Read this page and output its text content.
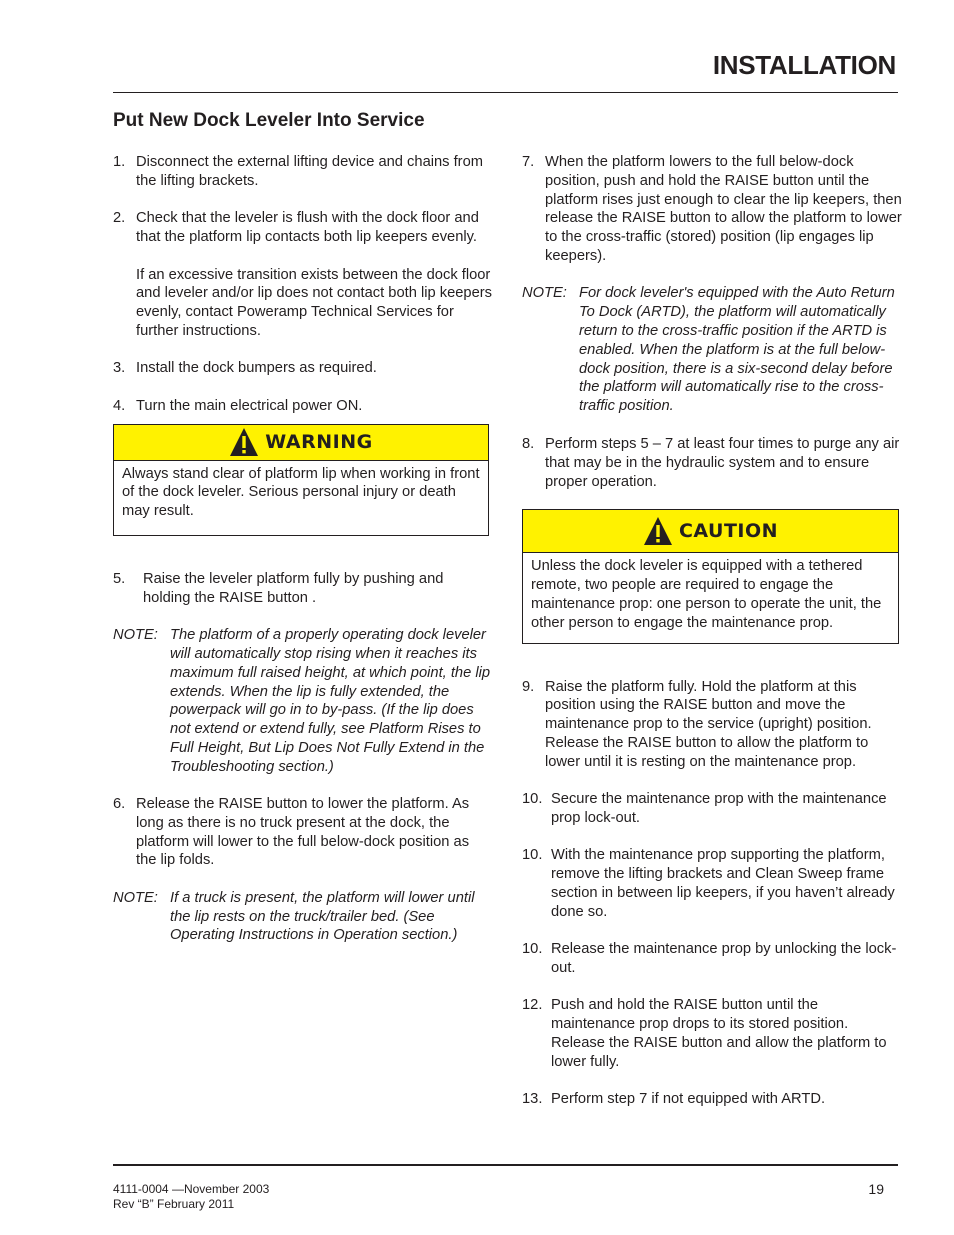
INSTALLATION
Put New Dock Leveler Into Service
1. Disconnect the external lifting device and chains from the lifting brackets.

2. Check that the leveler is flush with the dock floor and that the platform lip contacts both lip keepers evenly.

If an excessive transition exists between the dock floor and leveler and/or lip does not contact both lip keepers evenly, contact Poweramp Technical Services for further instructions.

3. Install the dock bumpers as required.

4. Turn the main electrical power ON.

WARNING
Always stand clear of platform lip when working in front of the dock leveler. Serious personal injury or death may result.
5. Raise the leveler platform fully by pushing and holding the RAISE button .

NOTE: The platform of a properly operating dock leveler will automatically stop rising when it reaches its maximum full raised height, at which point, the lip extends. When the lip is fully extended, the powerpack will go in to by-pass. (If the lip does not extend or extend fully, see Platform Rises to Full Height, But Lip Does Not Fully Extend in the Troubleshooting section.)

6. Release the RAISE button to lower the platform. As long as there is no truck present at the dock, the platform will lower to the full below-dock position as the lip folds.

NOTE: If a truck is present, the platform will lower until the lip rests on the truck/trailer bed. (See Operating Instructions in Operation section.)

7. When the platform lowers to the full below-dock position, push and hold the RAISE button until the platform rises just enough to clear the lip keepers, then release the RAISE button to allow the platform to lower to the cross-traffic (stored) position (lip engages lip keepers).

NOTE: For dock leveler's equipped with the Auto Return To Dock (ARTD), the platform will automatically return to the cross-traffic position if the ARTD is enabled. When the platform is at the full below-dock position, there is a six-second delay before the platform will automatically rise to the cross-traffic position.

8. Perform steps 5 – 7 at least four times to purge any air that may be in the hydraulic system and to ensure proper operation.

CAUTION
Unless the dock leveler is equipped with a tethered remote, two people are required to engage the maintenance prop: one person to operate the unit, the other person to engage the maintenance prop.
9. Raise the platform fully. Hold the platform at this position using the RAISE button and move the maintenance prop to the service (upright) position. Release the RAISE button to allow the platform to lower until it is resting on the maintenance prop.

10. Secure the maintenance prop with the maintenance prop lock-out.

10. With the maintenance prop supporting the platform, remove the lifting brackets and Clean Sweep frame section in between lip keepers, if you haven’t already done so.

10. Release the maintenance prop by unlocking the lock-out.

12. Push and hold the RAISE button until the maintenance prop drops to its stored position. Release the RAISE button and allow the platform to lower fully.

13. Perform step 7 if not equipped with ARTD.

4111-0004 —November 2003
Rev “B” February 2011
19
